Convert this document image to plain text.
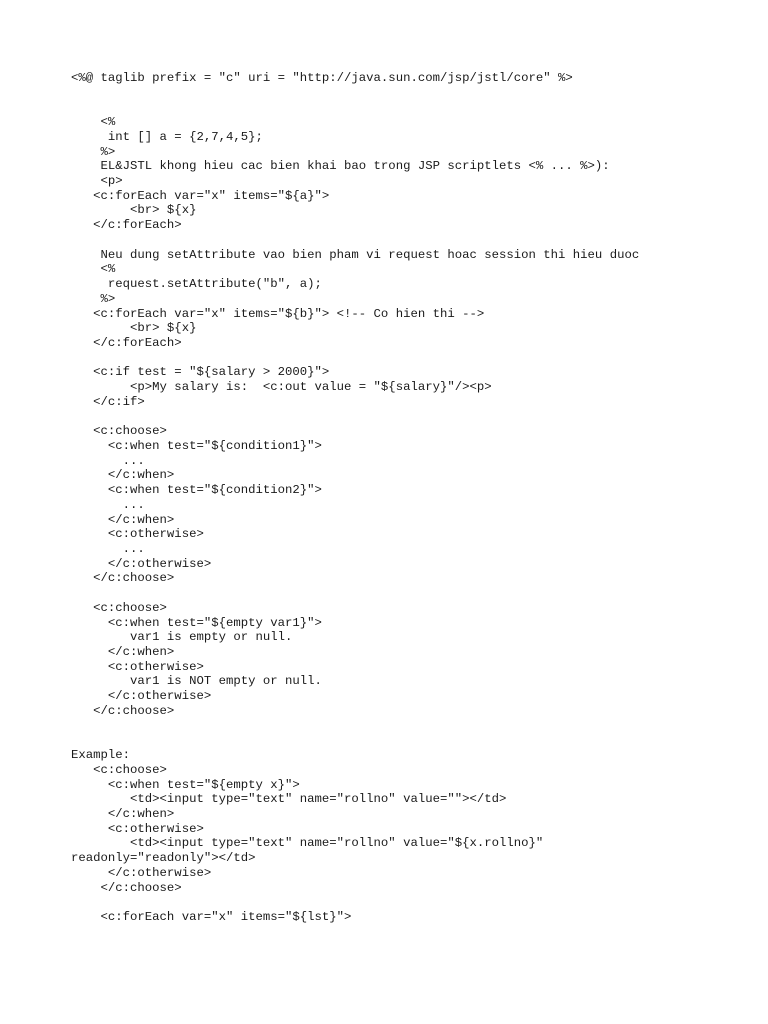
<%@ taglib prefix = "c" uri = "http://java.sun.com/jsp/jstl/core" %>
<%
int [] a = {2,7,4,5};
%>
EL&JSTL khong hieu cac bien khai bao trong JSP scriptlets <% ... %>):
<p>
<c:forEach var="x" items="${a}">
<br> ${x}
</c:forEach>
Neu dung setAttribute vao bien pham vi request hoac session thi hieu duoc
<%
request.setAttribute("b", a);
%>
<c:forEach var="x" items="${b}"> <!-- Co hien thi -->
<br> ${x}
</c:forEach>
<c:if test = "${salary > 2000}">
<p>My salary is:  <c:out value = "${salary}"/><p>
</c:if>
<c:choose>
<c:when test="${condition1}">
...
</c:when>
<c:when test="${condition2}">
...
</c:when>
<c:otherwise>
...
</c:otherwise>
</c:choose>
<c:choose>
<c:when test="${empty var1}">
var1 is empty or null.
</c:when>
<c:otherwise>
var1 is NOT empty or null.
</c:otherwise>
</c:choose>
Example:
<c:choose>
<c:when test="${empty x}">
<td><input type="text" name="rollno" value=""></td>
</c:when>
<c:otherwise>
<td><input type="text" name="rollno" value="${x.rollno}"
readonly="readonly"></td>
</c:otherwise>
</c:choose>
<c:forEach var="x" items="${lst}">
